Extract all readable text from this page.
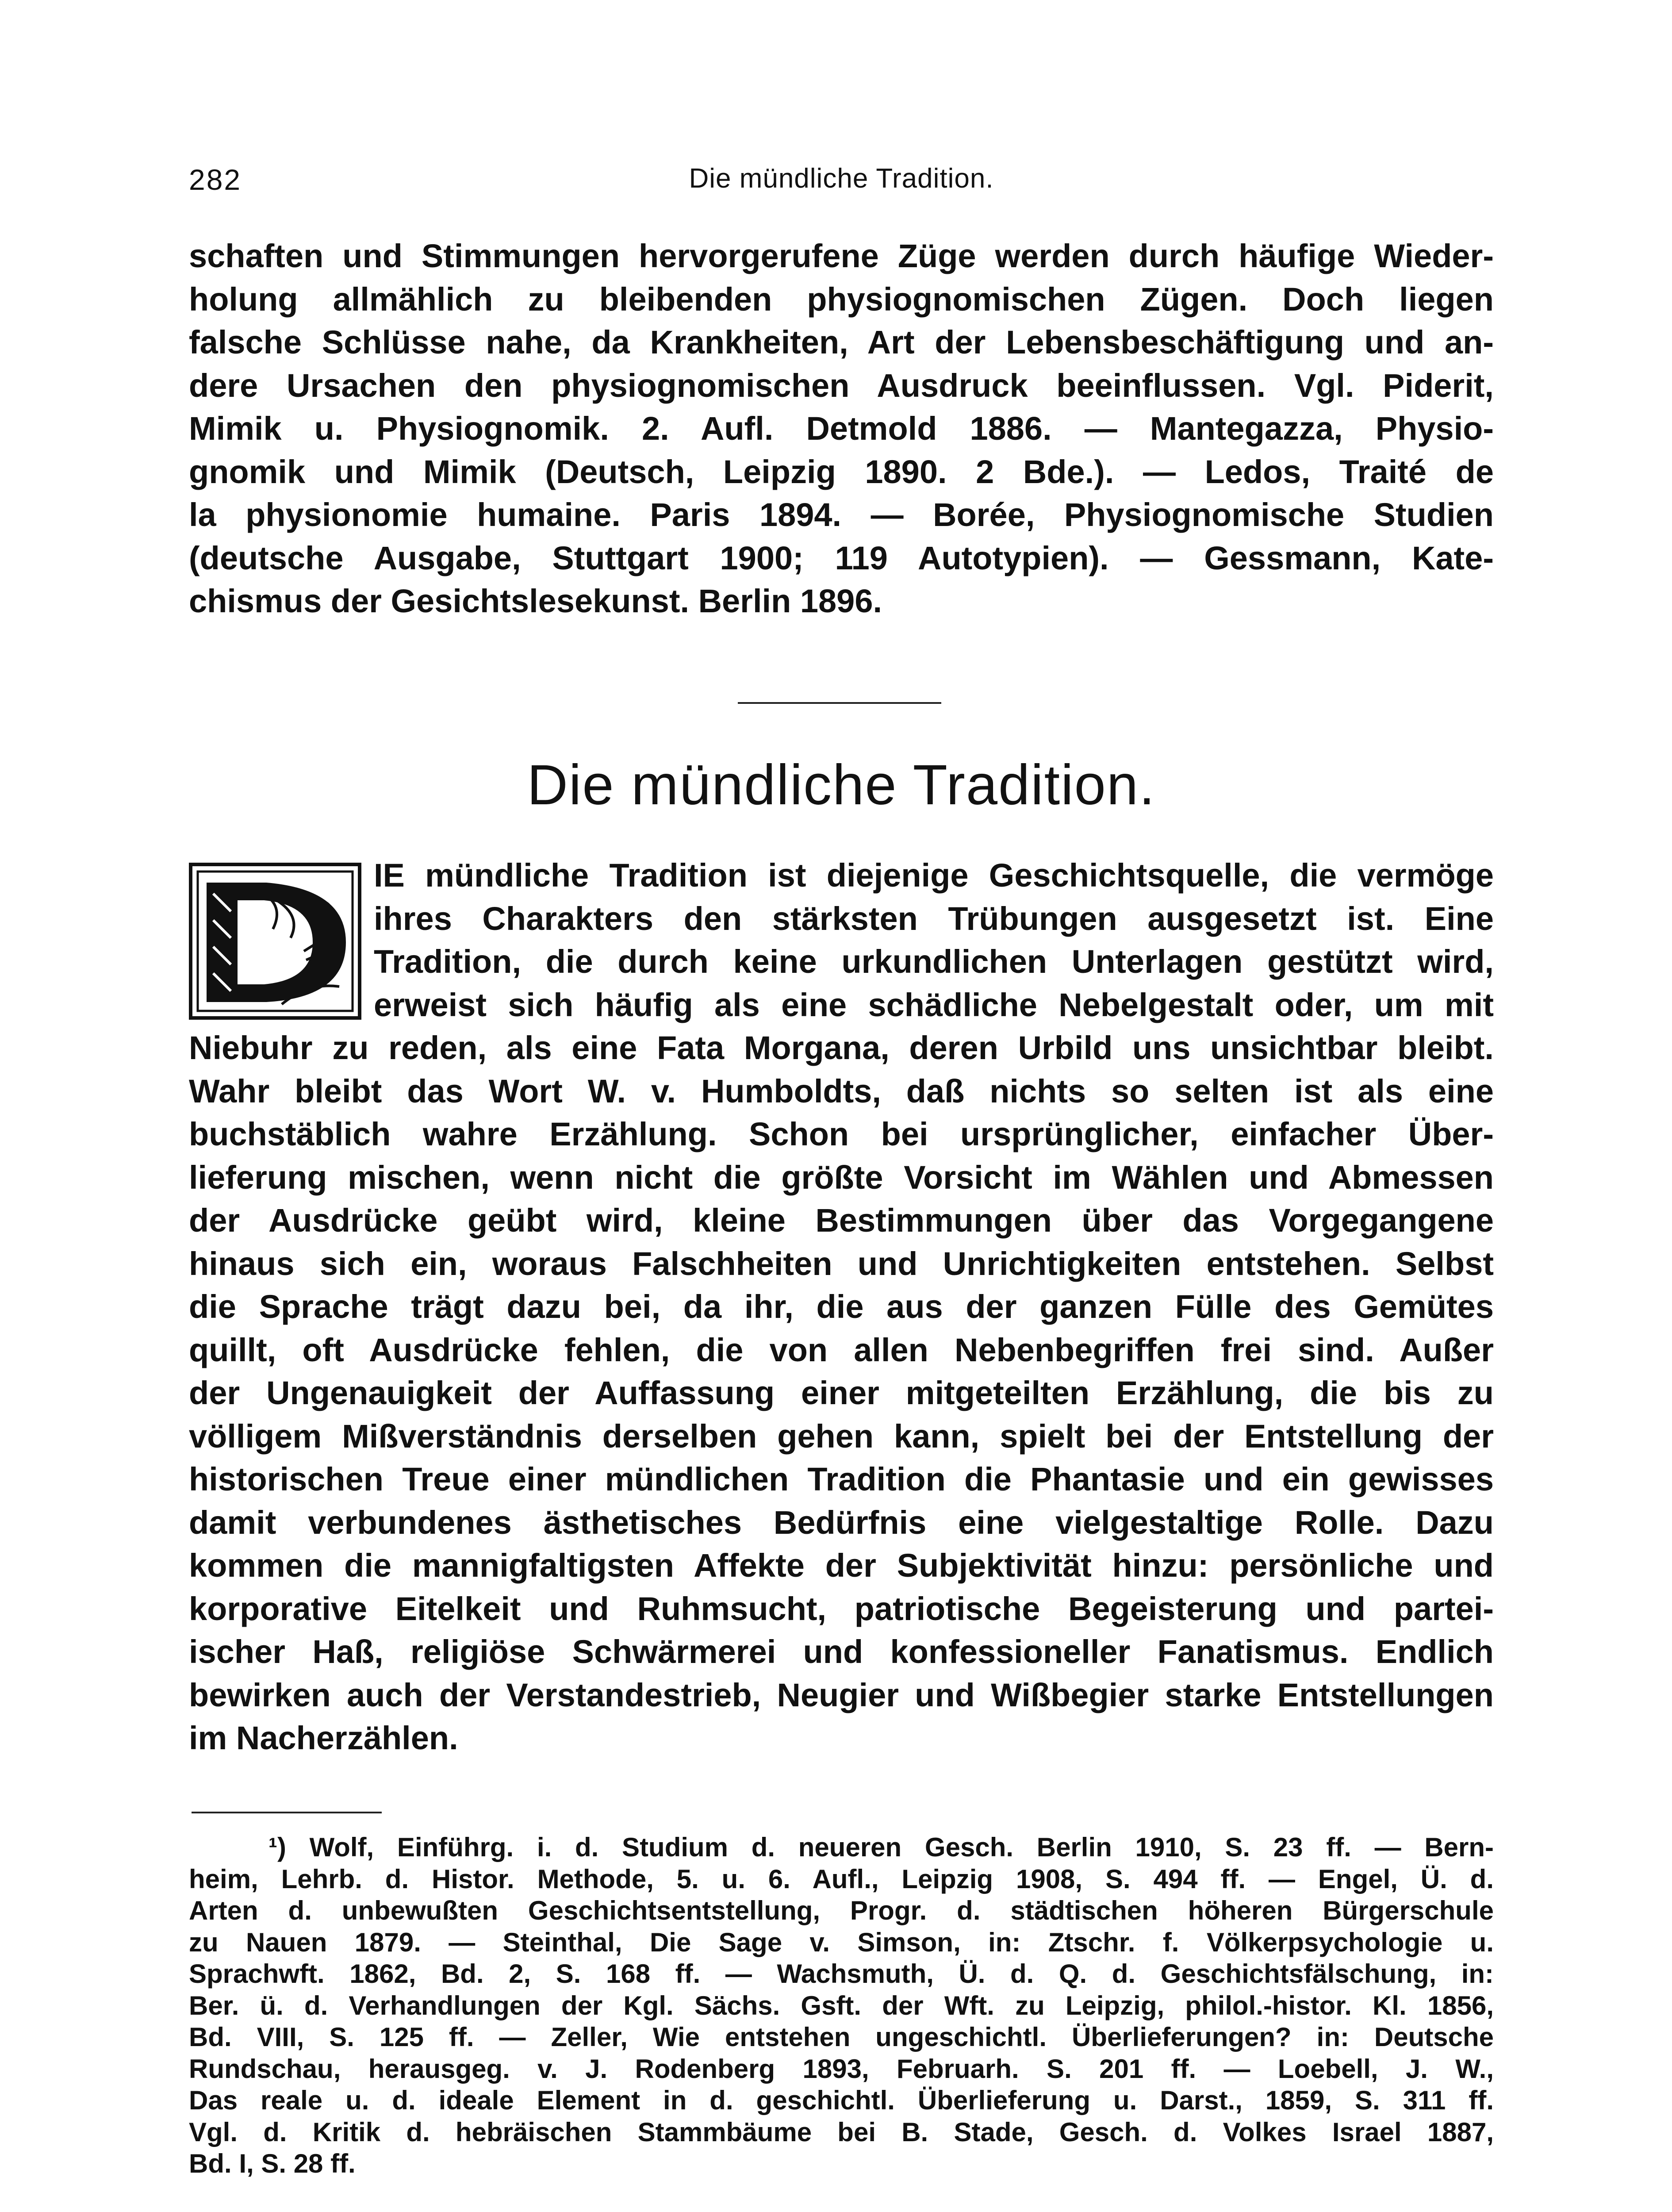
282	Die mündliche Tradition.
schaften und Stimmungen hervorgerufene Züge werden durch häufige Wieder-
holung allmählich zu bleibenden physiognomischen Zügen. Doch liegen
falsche Schlüsse nahe, da Krankheiten, Art der Lebensbeschäftigung und an-
dere Ursachen den physiognomischen Ausdruck beeinflussen. Vgl. Piderit,
Mimik u. Physiognomik. 2. Aufl. Detmold 1886. — Mantegazza, Physio-
gnomik und Mimik (Deutsch, Leipzig 1890. 2 Bde.). — Ledos, Traité de
la physionomie humaine. Paris 1894. — Borée, Physiognomische Studien
(deutsche Ausgabe, Stuttgart 1900; 119 Autotypien). — Gessmann, Kate-
chismus der Gesichtslesekunst. Berlin 1896.
Die mündliche Tradition.
D
IE mündliche Tradition ist diejenige Geschichtsquelle, die vermöge
ihres Charakters den stärksten Trübungen ausgesetzt ist. Eine
Tradition, die durch keine urkundlichen Unterlagen gestützt wird,
erweist sich häufig als eine schädliche Nebelgestalt oder, um mit
Niebuhr zu reden, als eine Fata Morgana, deren Urbild uns unsichtbar bleibt.
Wahr bleibt das Wort W. v. Humboldts, daß nichts so selten ist als eine
buchstäblich wahre Erzählung. Schon bei ursprünglicher, einfacher Über-
lieferung mischen, wenn nicht die größte Vorsicht im Wählen und Abmessen
der Ausdrücke geübt wird, kleine Bestimmungen über das Vorgegangene
hinaus sich ein, woraus Falschheiten und Unrichtigkeiten entstehen. Selbst
die Sprache trägt dazu bei, da ihr, die aus der ganzen Fülle des Gemütes
quillt, oft Ausdrücke fehlen, die von allen Nebenbegriffen frei sind. Außer
der Ungenauigkeit der Auffassung einer mitgeteilten Erzählung, die bis zu
völligem Mißverständnis derselben gehen kann, spielt bei der Entstellung der
historischen Treue einer mündlichen Tradition die Phantasie und ein gewisses
damit verbundenes ästhetisches Bedürfnis eine vielgestaltige Rolle. Dazu
kommen die mannigfaltigsten Affekte der Subjektivität hinzu: persönliche und
korporative Eitelkeit und Ruhmsucht, patriotische Begeisterung und partei-
ischer Haß, religiöse Schwärmerei und konfessioneller Fanatismus. Endlich
bewirken auch der Verstandestrieb, Neugier und Wißbegier starke Entstellungen
im Nacherzählen.
¹) Wolf, Einführg. i. d. Studium d. neueren Gesch. Berlin 1910, S. 23 ff. — Bern-
heim, Lehrb. d. Histor. Methode, 5. u. 6. Aufl., Leipzig 1908, S. 494 ff. — Engel, Ü. d.
Arten d. unbewußten Geschichtsentstellung, Progr. d. städtischen höheren Bürgerschule
zu Nauen 1879. — Steinthal, Die Sage v. Simson, in: Ztschr. f. Völkerpsychologie u.
Sprachwft. 1862, Bd. 2, S. 168 ff. — Wachsmuth, Ü. d. Q. d. Geschichtsfälschung, in:
Ber. ü. d. Verhandlungen der Kgl. Sächs. Gsft. der Wft. zu Leipzig, philol.-histor. Kl. 1856,
Bd. VIII, S. 125 ff. — Zeller, Wie entstehen ungeschichtl. Überlieferungen? in: Deutsche
Rundschau, herausgeg. v. J. Rodenberg 1893, Februarh. S. 201 ff. — Loebell, J. W.,
Das reale u. d. ideale Element in d. geschichtl. Überlieferung u. Darst., 1859, S. 311 ff.
Vgl. d. Kritik d. hebräischen Stammbäume bei B. Stade, Gesch. d. Volkes Israel 1887,
Bd. I, S. 28 ff.
